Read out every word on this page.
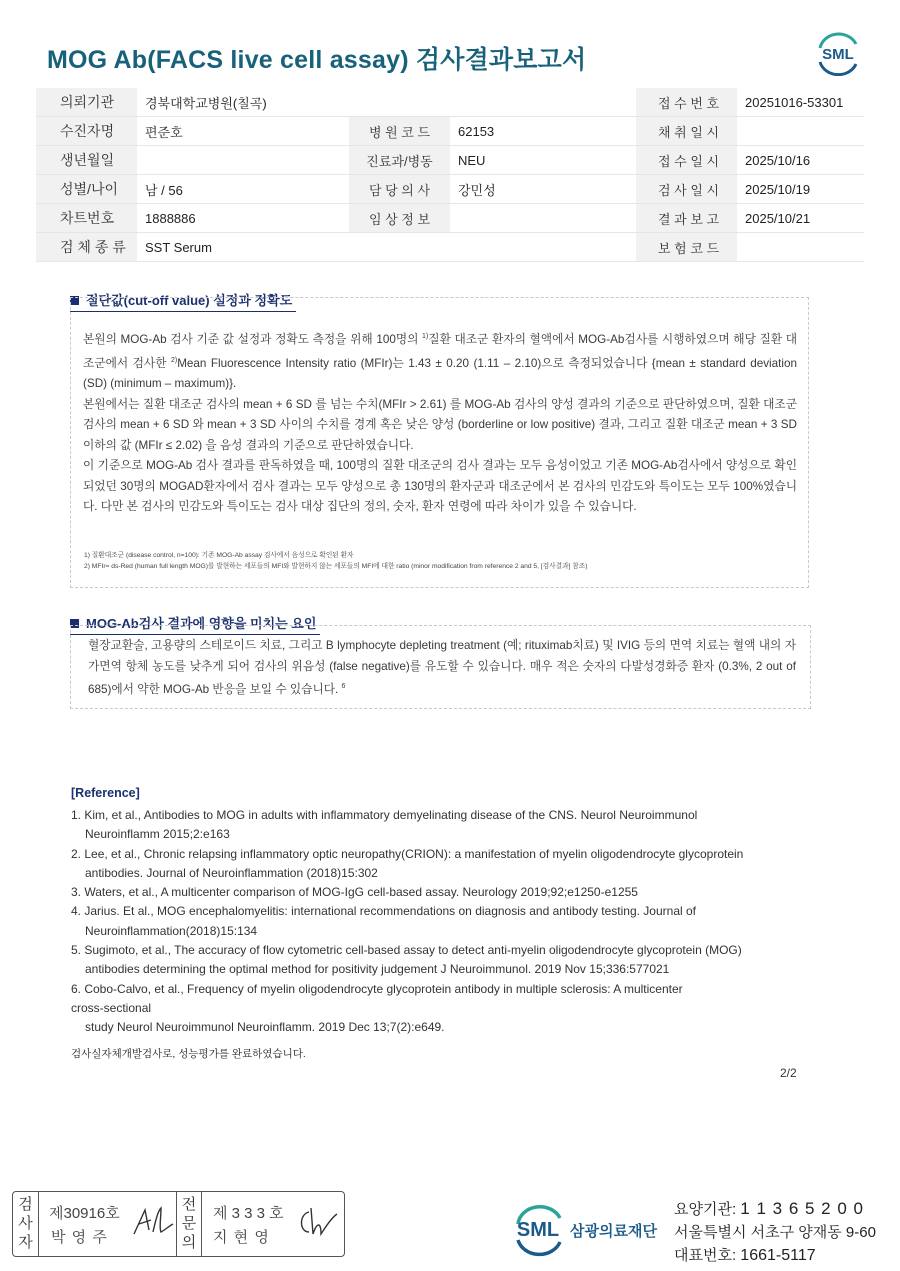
MOG Ab(FACS live cell assay) 검사결과보고서	SML
의뢰기관	경북대학교병원(칠곡)			접 수 번 호	20251016-53301
수진자명	편준호	병 원 코 드	62153	채 취 일 시	
생년월일		진료과/병동	NEU	접 수 일 시	2025/10/16
성별/나이	남 / 56	담 당 의 사	강민성	검 사 일 시	2025/10/19
차트번호	1888886	임 상 정 보		결 과 보 고	2025/10/21
검 체 종 류	SST Serum			보 험 코 드	
절단값(cut-off value) 설정과 정확도

본원의 MOG-Ab 검사 기준 값 설정과 정확도 측정을 위해 100명의 $^{1)}$질환 대조군 환자의 혈액에서 MOG-Ab검사를 시행하였으며 해당 질환 대조군에서 검사한 $^{2)}$Mean Fluorescence Intensity ratio (MFIr)는 1.43 ± 0.20 (1.11 – 2.10)으로 측정되었습니다 {mean ± standard deviation (SD) (minimum – maximum)}.

본원에서는 질환 대조군 검사의 mean + 6 SD 를 넘는 수치(MFIr > 2.61) 를 MOG-Ab 검사의 양성 결과의 기준으로 판단하였으며, 질환 대조군 검사의 mean + 6 SD 와 mean + 3 SD 사이의 수치를 경계 혹은 낮은 양성 (borderline or low positive) 결과, 그리고 질환 대조군 mean + 3 SD 이하의 값 (MFIr ≤ 2.02) 을 음성 결과의 기준으로 판단하였습니다.

이 기준으로 MOG-Ab 검사 결과를 판독하였을 때, 100명의 질환 대조군의 검사 결과는 모두 음성이었고 기존 MOG-Ab검사에서 양성으로 확인되었던 30명의 MOGAD환자에서 검사 결과는 모두 양성으로 총 130명의 환자군과 대조군에서 본 검사의 민감도와 특이도는 모두 100%였습니다. 다만 본 검사의 민감도와 특이도는 검사 대상 집단의 정의, 숫자, 환자 연령에 따라 차이가 있을 수 있습니다.

1) 질환대조군 (disease control, n=100): 기존 MOG-Ab assay 검사에서 음성으로 확인된 환자
2) MFIr= ds-Red (human full length MOG)를 발현하는 세포들의 MFI와 발현하지 않는 세포들의 MFI에 대한 ratio (minor modification from reference 2 and 5, [검사결과] 참조)
MOG-Ab검사 결과에 영향을 미치는 요인

혈장교환술, 고용량의 스테로이드 치료, 그리고 B lymphocyte depleting treatment (예; rituximab치료) 및 IVIG 등의 면역 치료는 혈액 내의 자가면역 항체 농도를 낮추게 되어 검사의 위음성 (false negative)를 유도할 수 있습니다. 매우 적은 숫자의 다발성경화증 환자 (0.3%, 2 out of 685)에서 약한 MOG-Ab 반응을 보일 수 있습니다. $^6$

[Reference]
1. Kim, et al., Antibodies to MOG in adults with inflammatory demyelinating disease of the CNS. Neurol Neuroimmunol
Neuroinflamm 2015;2:e163
2. Lee, et al., Chronic relapsing inflammatory optic neuropathy(CRION): a manifestation of myelin oligodendrocyte glycoprotein
antibodies. Journal of Neuroinflammation (2018)15:302
3. Waters, et al., A multicenter comparison of MOG-IgG cell-based assay. Neurology 2019;92;e1250-e1255
4. Jarius. Et al., MOG encephalomyelitis: international recommendations on diagnosis and antibody testing. Journal of
Neuroinflammation(2018)15:134
5. Sugimoto, et al., The accuracy of flow cytometric cell-based assay to detect anti-myelin oligodendrocyte glycoprotein (MOG)
antibodies determining the optimal method for positivity judgement J Neuroimmunol. 2019 Nov 15;336:577021
6. Cobo-Calvo, et al., Frequency of myelin oligodendrocyte glycoprotein antibody in multiple sclerosis: A multicenter
cross-sectional
study Neurol Neuroimmunol Neuroinflamm. 2019 Dec 13;7(2):e649.
검사실자체개발검사로, 성능평가를 완료하였습니다.
2/2
검
사
자
제30916호
박 영 주
전
문
의
제 3 3 3 호
지 현 영	SML 삼광의료재단
요양기관: 1 1 3 6 5 2 0 0
서울특별시 서초구 양재동 9-60
대표번호: 1661-5117
